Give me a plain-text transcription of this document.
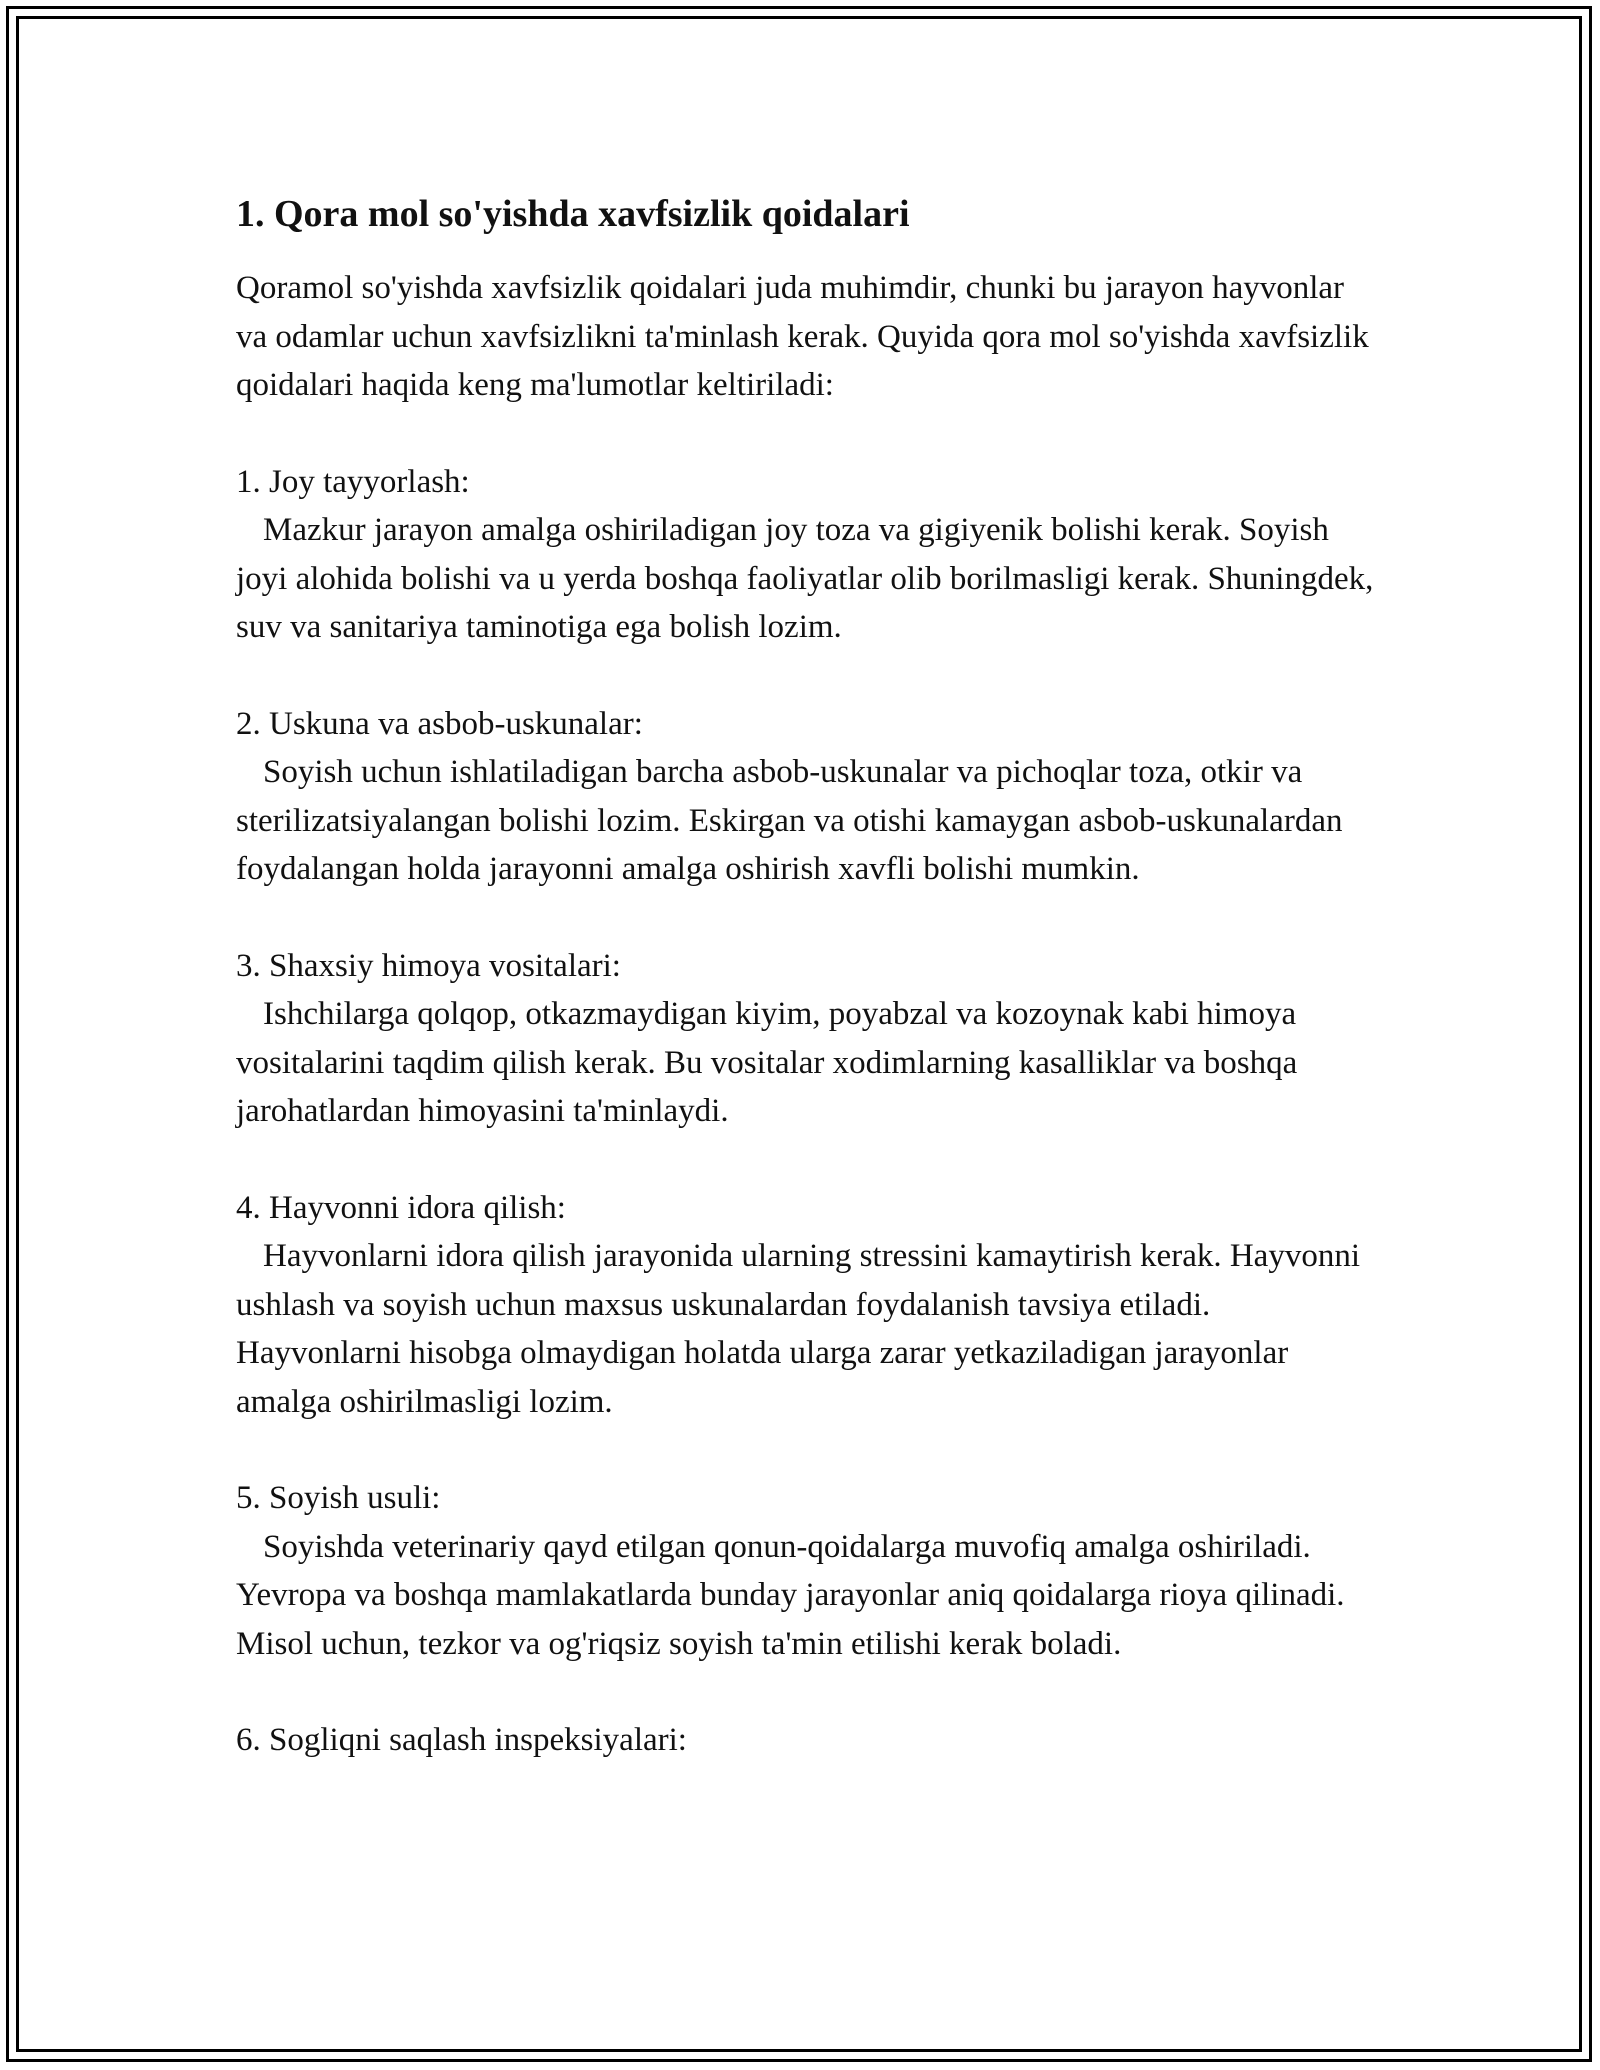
1. Qora mol so'yishda xavfsizlik qoidalari

Qoramol so'yishda xavfsizlik qoidalari juda muhimdir, chunki bu jarayon hayvonlar va odamlar uchun xavfsizlikni ta'minlash kerak. Quyida qora mol so'yishda xavfsizlik qoidalari haqida keng ma'lumotlar keltiriladi:

1. Joy tayyorlash:

Mazkur jarayon amalga oshiriladigan joy toza va gigiyenik bolishi kerak. Soyish joyi alohida bolishi va u yerda boshqa faoliyatlar olib borilmasligi kerak. Shuningdek, suv va sanitariya taminotiga ega bolish lozim.

2. Uskuna va asbob-uskunalar:

Soyish uchun ishlatiladigan barcha asbob-uskunalar va pichoqlar toza, otkir va sterilizatsiyalangan bolishi lozim. Eskirgan va otishi kamaygan asbob-uskunalardan foydalangan holda jarayonni amalga oshirish xavfli bolishi mumkin.

3. Shaxsiy himoya vositalari:

Ishchilarga qolqop, otkazmaydigan kiyim, poyabzal va kozoynak kabi himoya vositalarini taqdim qilish kerak. Bu vositalar xodimlarning kasalliklar va boshqa jarohatlardan himoyasini ta'minlaydi.

4. Hayvonni idora qilish:

Hayvonlarni idora qilish jarayonida ularning stressini kamaytirish kerak. Hayvonni ushlash va soyish uchun maxsus uskunalardan foydalanish tavsiya etiladi. Hayvonlarni hisobga olmaydigan holatda ularga zarar yetkaziladigan jarayonlar amalga oshirilmasligi lozim.

5. Soyish usuli:

Soyishda veterinariy qayd etilgan qonun-qoidalarga muvofiq amalga oshiriladi. Yevropa va boshqa mamlakatlarda bunday jarayonlar aniq qoidalarga rioya qilinadi. Misol uchun, tezkor va og'riqsiz soyish ta'min etilishi kerak boladi.

6. Sogliqni saqlash inspeksiyalari:
